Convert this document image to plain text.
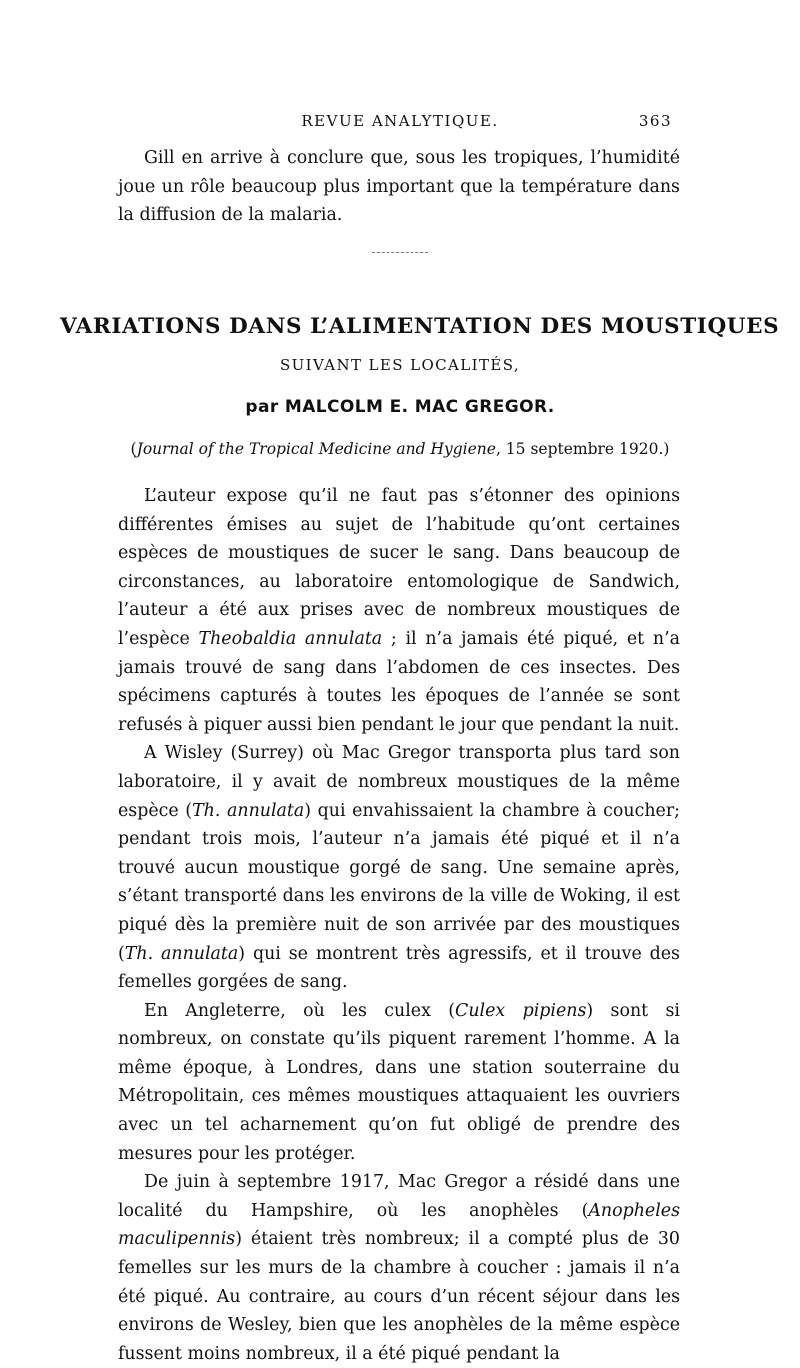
REVUE ANALYTIQUE.	363

Gill en arrive à conclure que, sous les tropiques, l’humidité joue un rôle beaucoup plus important que la température dans la diffusion de la malaria.

VARIATIONS DANS L’ALIMENTATION DES MOUSTIQUES
SUIVANT LES LOCALITÉS,
par MALCOLM E. MAC GREGOR.
(Journal of the Tropical Medicine and Hygiene, 15 septembre 1920.)

L’auteur expose qu’il ne faut pas s’étonner des opinions différentes émises au sujet de l’habitude qu’ont certaines espèces de moustiques de sucer le sang. Dans beaucoup de circonstances, au laboratoire entomologique de Sandwich, l’auteur a été aux prises avec de nombreux moustiques de l’espèce Theobaldia annulata ; il n’a jamais été piqué, et n’a jamais trouvé de sang dans l’abdomen de ces insectes. Des spécimens capturés à toutes les époques de l’année se sont refusés à piquer aussi bien pendant le jour que pendant la nuit.

A Wisley (Surrey) où Mac Gregor transporta plus tard son laboratoire, il y avait de nombreux moustiques de la même espèce (Th. annulata) qui envahissaient la chambre à coucher; pendant trois mois, l’auteur n’a jamais été piqué et il n’a trouvé aucun moustique gorgé de sang. Une semaine après, s’étant transporté dans les environs de la ville de Woking, il est piqué dès la première nuit de son arrivée par des moustiques (Th. annulata) qui se montrent très agressifs, et il trouve des femelles gorgées de sang.

En Angleterre, où les culex (Culex pipiens) sont si nombreux, on constate qu’ils piquent rarement l’homme. A la même époque, à Londres, dans une station souterraine du Métropolitain, ces mêmes moustiques attaquaient les ouvriers avec un tel acharnement qu’on fut obligé de prendre des mesures pour les protéger.

De juin à septembre 1917, Mac Gregor a résidé dans une localité du Hampshire, où les anophèles (Anopheles maculipennis) étaient très nombreux; il a compté plus de 30 femelles sur les murs de la chambre à coucher : jamais il n’a été piqué. Au contraire, au cours d’un récent séjour dans les environs de Wesley, bien que les anophèles de la même espèce fussent moins nombreux, il a été piqué pendant la
